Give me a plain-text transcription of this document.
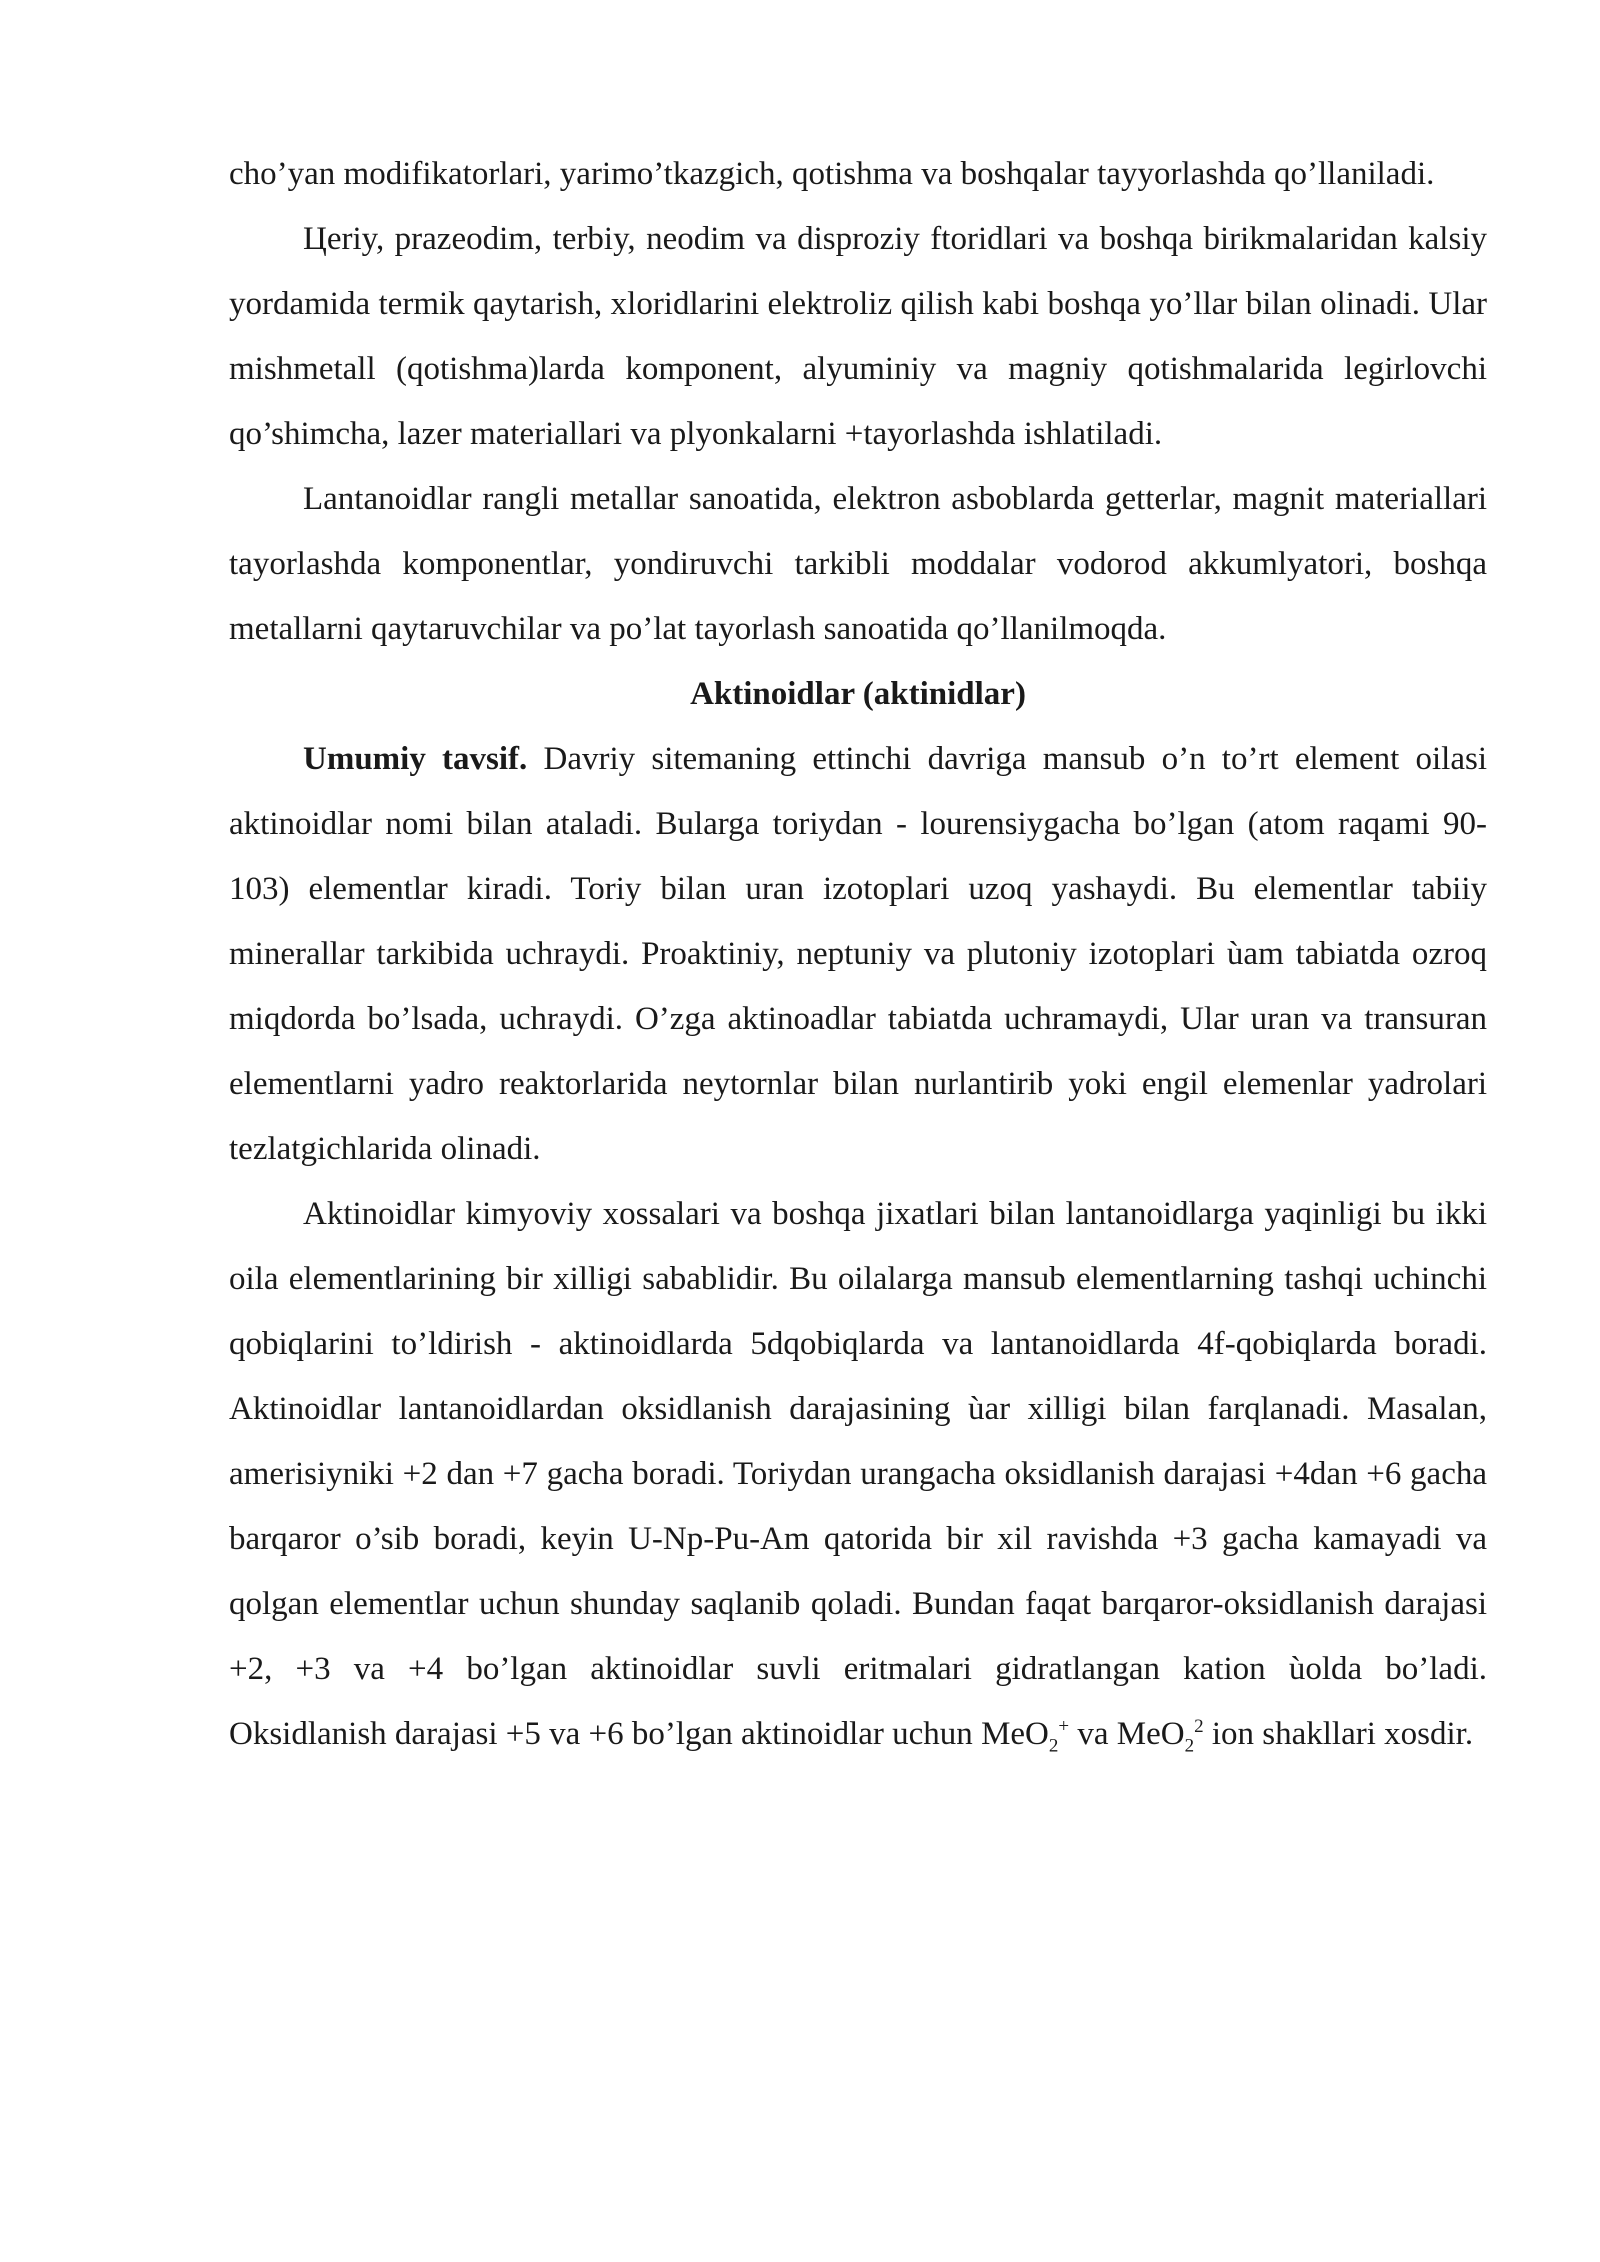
cho’yan modifikatorlari, yarimo’tkazgich, qotishma va boshqalar tayyorlashda qo’llaniladi.

Цeriy, prazeodim, terbiy, neodim va disproziy ftoridlari va boshqa birikmalaridan kalsiy yordamida termik qaytarish, xloridlarini elektroliz qilish kabi boshqa yo’llar bilan olinadi. Ular mishmetall (qotishma)larda komponent, alyuminiy va magniy qotishmalarida legirlovchi qo’shimcha, lazer materiallari va plyonkalarni +tayorlashda ishlatiladi.

Lantanoidlar rangli metallar sanoatida, elektron asboblarda getterlar, magnit materiallari tayorlashda komponentlar, yondiruvchi tarkibli moddalar vodorod akkumlyatori, boshqa metallarni qaytaruvchilar va po’lat tayorlash sanoatida qo’llanilmoqda.

Aktinoidlar (aktinidlar)

Umumiy tavsif. Davriy sitemaning ettinchi davriga mansub o’n to’rt element oilasi aktinoidlar nomi bilan ataladi. Bularga toriydan - lourensiygacha bo’lgan (atom raqami 90-103) elementlar kiradi. Toriy bilan uran izotoplari uzoq yashaydi. Bu elementlar tabiiy minerallar tarkibida uchraydi. Proaktiniy, neptuniy va plutoniy izotoplari ùam tabiatda ozroq miqdorda bo’lsada, uchraydi. O’zga aktinoadlar tabiatda uchramaydi, Ular uran va transuran elementlarni yadro reaktorlarida neytornlar bilan nurlantirib yoki engil elemenlar yadrolari tezlatgichlarida olinadi.

Aktinoidlar kimyoviy xossalari va boshqa jixatlari bilan lantanoidlarga yaqinligi bu ikki oila elementlarining bir xilligi sabablidir. Bu oilalarga mansub elementlarning tashqi uchinchi qobiqlarini to’ldirish - aktinoidlarda 5dqobiqlarda va lantanoidlarda 4f-qobiqlarda boradi. Aktinoidlar lantanoidlardan oksidlanish darajasining ùar xilligi bilan farqlanadi. Masalan, amerisiyniki +2 dan +7 gacha boradi. Toriydan urangacha oksidlanish darajasi +4dan +6 gacha barqaror o’sib boradi, keyin U-Np-Pu-Am qatorida bir xil ravishda +3 gacha kamayadi va qolgan elementlar uchun shunday saqlanib qoladi. Bundan faqat barqaror-oksidlanish darajasi +2, +3 va +4 bo’lgan aktinoidlar suvli eritmalari gidratlangan kation ùolda bo’ladi. Oksidlanish darajasi +5 va +6 bo’lgan aktinoidlar uchun MeO$_2$+ va MeO$_2^2$ ion shakllari xosdir.
